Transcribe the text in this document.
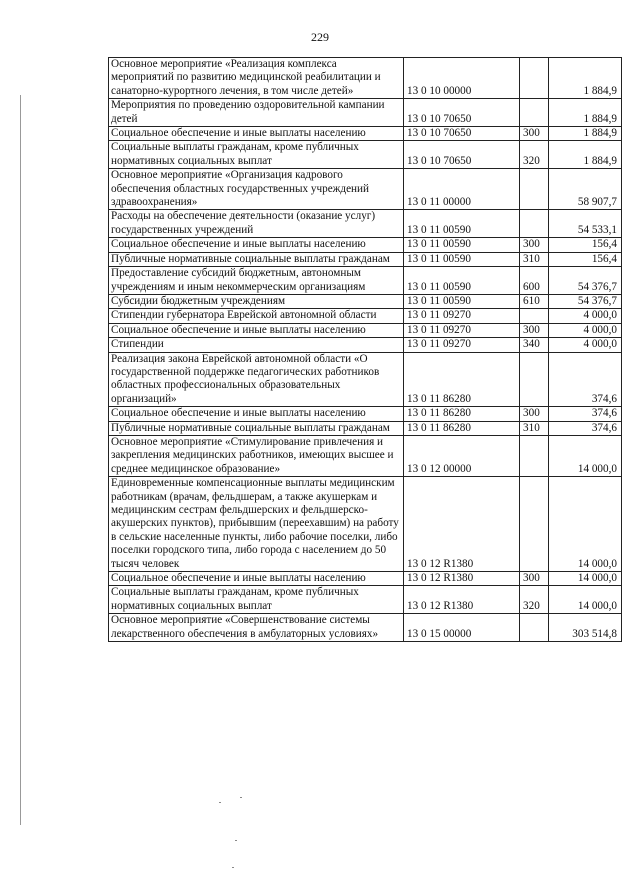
229
Основное мероприятие «Реализация комплекса мероприятий по развитию медицинской реабилитации и санаторно-курортного лечения, в том числе детей»	13 0 10 00000		1 884,9
Мероприятия по проведению оздоровительной кампании детей	13 0 10 70650		1 884,9
Социальное обеспечение и иные выплаты населению	13 0 10 70650	300	1 884,9
Социальные выплаты гражданам, кроме публичных нормативных социальных выплат	13 0 10 70650	320	1 884,9
Основное мероприятие «Организация кадрового обеспечения областных государственных учреждений здравоохранения»	13 0 11 00000		58 907,7
Расходы на обеспечение деятельности (оказание услуг) государственных учреждений	13 0 11 00590		54 533,1
Социальное обеспечение и иные выплаты населению	13 0 11 00590	300	156,4
Публичные нормативные социальные выплаты гражданам	13 0 11 00590	310	156,4
Предоставление субсидий бюджетным, автономным учреждениям и иным некоммерческим организациям	13 0 11 00590	600	54 376,7
Субсидии бюджетным учреждениям	13 0 11 00590	610	54 376,7
Стипендии губернатора Еврейской автономной области	13 0 11 09270		4 000,0
Социальное обеспечение и иные выплаты населению	13 0 11 09270	300	4 000,0
Стипендии	13 0 11 09270	340	4 000,0
Реализация закона Еврейской автономной области «О государственной поддержке педагогических работников областных профессиональных образовательных организаций»	13 0 11 86280		374,6
Социальное обеспечение и иные выплаты населению	13 0 11 86280	300	374,6
Публичные нормативные социальные выплаты гражданам	13 0 11 86280	310	374,6
Основное мероприятие «Стимулирование привлечения и закрепления медицинских работников, имеющих высшее и среднее медицинское образование»	13 0 12 00000		14 000,0
Единовременные компенсационные выплаты медицинским работникам (врачам, фельдшерам, а также акушеркам и медицинским сестрам фельдшерских и фельдшерско-акушерских пунктов), прибывшим (переехавшим) на работу в сельские населенные пункты, либо рабочие поселки, либо поселки городского типа, либо города с населением до 50 тысяч человек	13 0 12 R1380		14 000,0
Социальное обеспечение и иные выплаты населению	13 0 12 R1380	300	14 000,0
Социальные выплаты гражданам, кроме публичных нормативных социальных выплат	13 0 12 R1380	320	14 000,0
Основное мероприятие «Совершенствование системы лекарственного обеспечения в амбулаторных условиях»	13 0 15 00000		303 514,8
